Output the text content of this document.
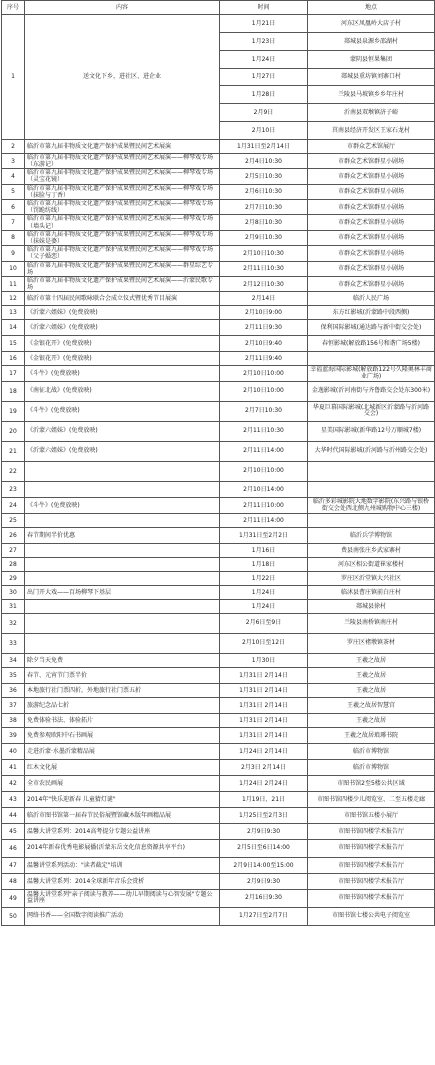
序号	内容	时间	地点
1	送文化下乡、进社区、进企业	1月21日	河东区凤凰岭大店子村
		1月23日	郯城县泉源乡邵湖村
		1月24日	蒙阴县恒果集团
		1月27日	郯城县重坊镇刘寨口村
		1月28日	兰陵县马坡镇乡乡年庄村
		2月9日	沂南县双堠镇济子峪
		2月10日	莒南县经济开发区王家石龙村
2	临沂市第九届非物质文化遗产保护成果暨民间艺术展演	1月31日至2月14日	市群众艺术馆展厅
3	临沂市第九届非物质文化遗产保护成果暨民间艺术展演——柳琴戏专场（东游记）	2月4日10:30	市群众艺术馆群星小剧场
4	临沂市第九届非物质文化遗产保护成果暨民间艺术展演——柳琴戏专场（灵宝花镜）	2月5日10:30	市群众艺术馆群星小剧场
5	临沂市第九届非物质文化遗产保护成果暨民间艺术展演——柳琴戏专场（抹脸与丁香）	2月6日10:30	市群众艺术馆群星小剧场
6	临沂市第九届非物质文化遗产保护成果暨民间艺术展演——柳琴戏专场（罚跪纺线）	2月7日10:30	市群众艺术馆群星小剧场
7	临沂市第九届非物质文化遗产保护成果暨民间艺术展演——柳琴戏专场（墙头记）	2月8日10:30	市群众艺术馆群星小剧场
8	临沂市第九届非物质文化遗产保护成果暨民间艺术展演——柳琴戏专场（抹妹是婆）	2月9日10:30	市群众艺术馆群星小剧场
9	临沂市第九届非物质文化遗产保护成果暨民间艺术展演——柳琴戏专场（父子婚恋）	2月10日10:30	市群众艺术馆群星小剧场
10	临沂市第九届非物质文化遗产保护成果暨民间艺术展演——群星综艺专场	2月11日10:30	市群众艺术馆群星小剧场
11	临沂市第九届非物质文化遗产保护成果暨民间艺术展演——沂蒙民歌专场	2月12日10:30	市群众艺术馆群星小剧场
12	临沂市第十四届民间歌咏联合会成立仪式暨优秀节目展演	2月14日	临沂人民广场
13	《沂蒙六姐妹》(免费放映)	2月10日9:00	东方红影城(沂蒙路中段西侧)
14	《沂蒙六姐妹》(免费放映)	2月11日9:30	保利国际影城(通达路与新中街交会处)
15	《金银花开》(免费放映)	2月10日9:40	春恒影城(解放路156号和谐广场5楼)
16	《金银花开》(免费放映)	2月11日9:40	
17	《斗牛》(免费放映)	2月10日10:00	幸福蓝海国际影城(解放路122号久隆奥林丰商业广场)
18	《南征北战》(免费放映)	2月10日10:00	金逸影城(沂河南街与齐鲁路交会处东300米)
19	《斗牛》(免费放映)	2月7日10:30	华夏巨幕国际影城(北城新区沂蒙路与沂河路交会)
20	《沂蒙六姐妹》(免费放映)	2月11日10:30	星美国际影城(新华路12号万顺城7楼)
21	《沂蒙六姐妹》(免费放映)	2月11日14:00	大华时代国际影城(沂河路与沂州路交会处)
22		2月10日10:00	
23		2月10日14:00	
24	《斗牛》(免费放映)	2月11日10:00	临沂多彩城影院大地数字影院(东兴路与银桥街交会处西北侧九州城购物中心三楼)
25		2月11日14:00	
26	春节期间半价优惠	1月31日至2月2日	临沂兵学博物馆
27		1月16日	费县南张庄乡武家寨村
28		1月18日	河东区相公街道崔家楼村
29		1月22日	罗庄区沂堂镇大兴社区
30	出门开大戏——百场柳琴下基层	1月24日	临沭县曹庄镇前白庄村
31		1月24日	郯城县徐村
32		2月6日至9日	兰陵县南桥镇南庄村
33		2月10日至12日	罗庄区褚墩镇茶材
34	除夕当天免费	1月30日	王羲之故居
35	春节、元宵节门票半价	1月31日 2月14日	王羲之故居
36	本地旅行社门票四折，外地旅行社门票五折	1月31日 2月14日	王羲之故居
37	旅游纪念品七折	1月31日 2月14日	王羲之故居智慧宫
38	免费体验书法、体验拓片	1月31日 2月14日	王羲之故居
39	免费参观欧阳中石书画展	1月31日 2月14日	王羲之故居琅琊书院
40	走进沂蒙·水墨沂蒙精品展	1月24日 2月14日	临沂市博物馆
41	红木文化展	2月3日 2月14日	临沂市博物馆
42	全市农民画展	1月24日 2月24日	市图书馆2至5楼公共区域
43	2014年"快乐迎新春 儿童猜灯谜"	1月19日、21日	市图书馆四楼少儿阅览室、二至五楼走廊
44	临沂市图书馆第一届春节民俗展暨馆藏木版年画精品展	1月25日至2月3日	市图书馆五楼小展厅
45	温馨大讲堂系列：2014高考提分专题公益讲座	2月9日9:30	市图书馆四楼学术报告厅
46	2014年新春优秀电影展播(沂蒙东岳文化信息资源共享平台)	2月5日至6日14:00	市图书馆四楼学术报告厅
47	温馨讲堂系列活动："读者截定"培训	2月9日14:00至15:00	市图书馆四楼学术报告厅
48	温馨大讲堂系列：2014全球新年音乐会赏析	2月9日9:30	市图书馆四楼学术报告厅
49	温馨大讲堂系列"亲子阅读与教养——幼儿早期阅读与心智发展"专题公益讲座	2月16日9:30	市图书馆四楼学术报告厅
50	网络书香——全国数字阅读推广活动	1月27日至2月7日	市图书馆七楼公共电子阅览室
